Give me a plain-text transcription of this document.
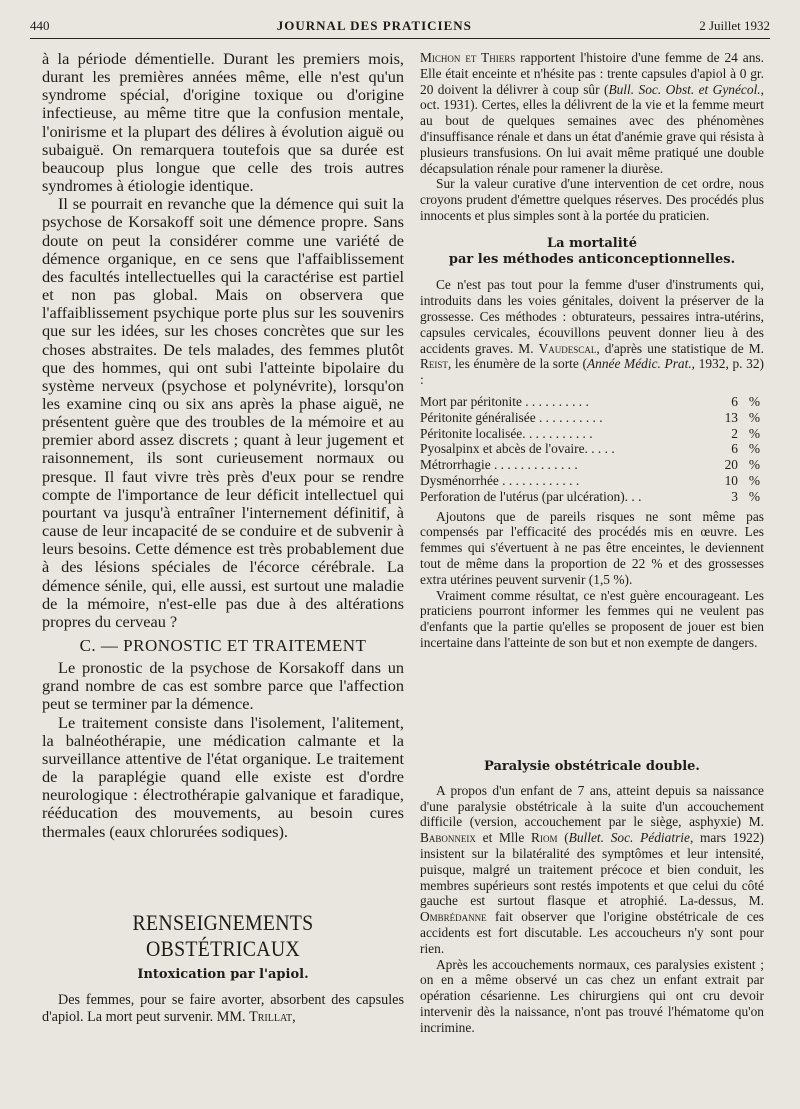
440	JOURNAL DES PRATICIENS	2 Juillet 1932

à la période démentielle. Durant les premiers mois, durant les premières années même, elle n'est qu'un syndrome spécial, d'origine toxique ou d'origine infectieuse, au même titre que la confusion mentale, l'onirisme et la plupart des délires à évolution aiguë ou subaiguë. On remarquera toutefois que sa durée est beaucoup plus longue que celle des trois autres syndromes à étiologie identique.

Il se pourrait en revanche que la démence qui suit la psychose de Korsakoff soit une démence propre. Sans doute on peut la considérer comme une variété de démence organique, en ce sens que l'affaiblissement des facultés intellectuelles qui la caractérise est partiel et non pas global. Mais on observera que l'affaiblissement psychique porte plus sur les souvenirs que sur les idées, sur les choses concrètes que sur les choses abstraites. De tels malades, des femmes plutôt que des hommes, qui ont subi l'atteinte bipolaire du système nerveux (psychose et polynévrite), lorsqu'on les examine cinq ou six ans après la phase aiguë, ne présentent guère que des troubles de la mémoire et au premier abord assez discrets ; quant à leur jugement et raisonnement, ils sont curieusement normaux ou presque. Il faut vivre très près d'eux pour se rendre compte de l'importance de leur déficit intellectuel qui pourtant va jusqu'à entraîner l'internement définitif, à cause de leur incapacité de se conduire et de subvenir à leurs besoins. Cette démence est très probablement due à des lésions spéciales de l'écorce cérébrale. La démence sénile, qui, elle aussi, est surtout une maladie de la mémoire, n'est-elle pas due à des altérations propres du cerveau ?

C. — PRONOSTIC ET TRAITEMENT

Le pronostic de la psychose de Korsakoff dans un grand nombre de cas est sombre parce que l'affection peut se terminer par la démence.

Le traitement consiste dans l'isolement, l'alitement, la balnéothérapie, une médication calmante et la surveillance attentive de l'état organique. Le traitement de la paraplégie quand elle existe est d'ordre neurologique : électrothérapie galvanique et faradique, rééducation des mouvements, au besoin cures thermales (eaux chlorurées sodiques).

RENSEIGNEMENTS OBSTÉTRICAUX
Intoxication par l'apiol.

Des femmes, pour se faire avorter, absorbent des capsules d'apiol. La mort peut survenir. MM. Trillat,

Michon et Thiers rapportent l'histoire d'une femme de 24 ans. Elle était enceinte et n'hésite pas : trente capsules d'apiol à 0 gr. 20 doivent la délivrer à coup sûr (Bull. Soc. Obst. et Gynécol., oct. 1931). Certes, elles la délivrent de la vie et la femme meurt au bout de quelques semaines avec des phénomènes d'insuffisance rénale et dans un état d'anémie grave qui résista à plusieurs transfusions. On lui avait même pratiqué une double décapsulation rénale pour ramener la diurèse.

Sur la valeur curative d'une intervention de cet ordre, nous croyons prudent d'émettre quelques réserves. Des procédés plus innocents et plus simples sont à la portée du praticien.

La mortalité
par les méthodes anticonceptionnelles.

Ce n'est pas tout pour la femme d'user d'instruments qui, introduits dans les voies génitales, doivent la préserver de la grossesse. Ces méthodes : obturateurs, pessaires intra-utérins, capsules cervicales, écouvillons peuvent donner lieu à des accidents graves. M. Vaudescal, d'après une statistique de M. Reist, les énumère de la sorte (Année Médic. Prat., 1932, p. 32) :

Mort par péritonite . . . . . . . . . .	6	%
Péritonite généralisée . . . . . . . . . .	13	%
Péritonite localisée. . . . . . . . . . .	2	%
Pyosalpinx et abcès de l'ovaire. . . . .	6	%
Métrorrhagie . . . . . . . . . . . . .	20	%
Dysménorrhée . . . . . . . . . . . .	10	%
Perforation de l'utérus (par ulcération). . .	3	%

Ajoutons que de pareils risques ne sont même pas compensés par l'efficacité des procédés mis en œuvre. Les femmes qui s'évertuent à ne pas être enceintes, le deviennent tout de même dans la proportion de 22 % et des grossesses extra utérines peuvent survenir (1,5 %).

Vraiment comme résultat, ce n'est guère encourageant. Les praticiens pourront informer les femmes qui ne veulent pas d'enfants que la partie qu'elles se proposent de jouer est bien incertaine dans l'atteinte de son but et non exempte de dangers.

Paralysie obstétricale double.

A propos d'un enfant de 7 ans, atteint depuis sa naissance d'une paralysie obstétricale à la suite d'un accouchement difficile (version, accouchement par le siège, asphyxie) M. Babonneix et Mlle Riom (Bullet. Soc. Pédiatrie, mars 1922) insistent sur la bilatéralité des symptômes et leur intensité, puisque, malgré un traitement précoce et bien conduit, les membres supérieurs sont restés impotents et que celui du côté gauche est surtout flasque et atrophié. La-dessus, M. Ombrédanne fait observer que l'origine obstétricale de ces accidents est fort discutable. Les accoucheurs n'y sont pour rien.

Après les accouchements normaux, ces paralysies existent ; on en a même observé un cas chez un enfant extrait par opération césarienne. Les chirurgiens qui ont cru devoir intervenir dès la naissance, n'ont pas trouvé l'hématome qu'on incrimine.
